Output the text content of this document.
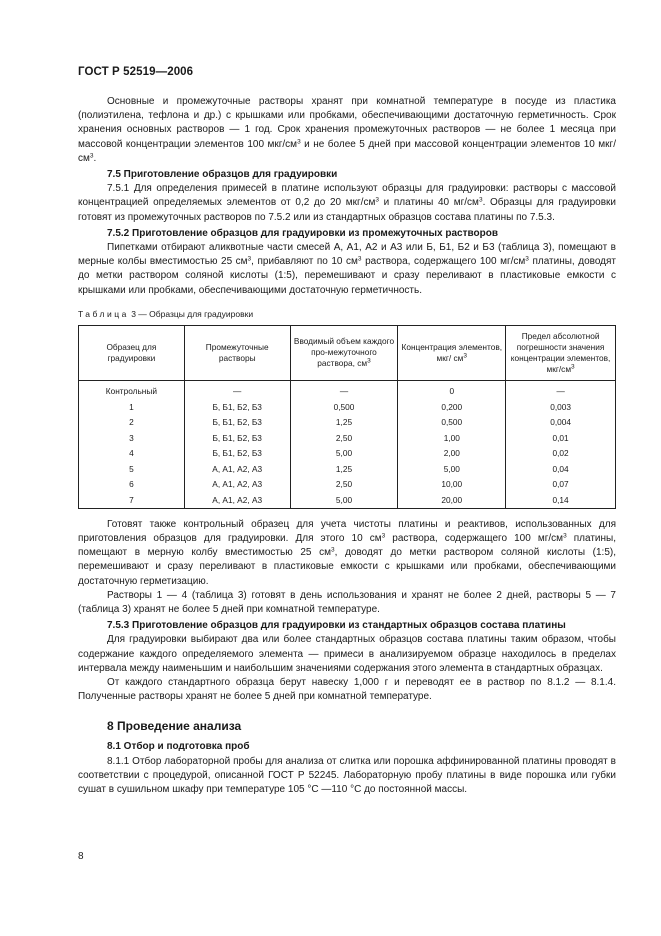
ГОСТ Р 52519—2006

Основные и промежуточные растворы хранят при комнатной температуре в посуде из пластика (полиэтилена, тефлона и др.) с крышками или пробками, обеспечивающими достаточную герметичность. Срок хранения основных растворов — 1 год. Срок хранения промежуточных растворов — не более 1 месяца при массовой концентрации элементов 100 мкг/$см^3$ и не более 5 дней при массовой концентрации элементов 10 мкг/$см^3$.

7.5 Приготовление образцов для градуировки

7.5.1 Для определения примесей в платине используют образцы для градуировки: растворы с массовой концентрацией определяемых элементов от 0,2 до 20 мкг/$см^3$ и платины 40 $мг/см^3$. Образцы для градуировки готовят из промежуточных растворов по 7.5.2 или из стандартных образцов состава платины по 7.5.3.

7.5.2 Приготовление образцов для градуировки из промежуточных растворов

Пипетками отбирают аликвотные части смесей А, А1, А2 и А3 или Б, Б1, Б2 и Б3 (таблица 3), помещают в мерные колбы вместимостью 25 $см^3$, прибавляют по 10 $см^3$ раствора, содержащего 100 $мг/см^3$ платины, доводят до метки раствором соляной кислоты (1:5), перемешивают и сразу переливают в пластиковые емкости с крышками или пробками, обеспечивающими достаточную герметичность.

Таблица 3 — Образцы для градуировки
Образец для градуировки	Промежуточные растворы	Вводимый объем каждого про-межуточного раствора, $см^3$	Концентрация элементов, мкг/ $см^3$	Предел абсолютной погрешности значения концентрации элементов, мкг/$см^3$
Контрольный	—	—	0	—
1	Б, Б1, Б2, Б3	0,500	0,200	0,003
2	Б, Б1, Б2, Б3	1,25	0,500	0,004
3	Б, Б1, Б2, Б3	2,50	1,00	0,01
4	Б, Б1, Б2, Б3	5,00	2,00	0,02
5	А, А1, А2, А3	1,25	5,00	0,04
6	А, А1, А2, А3	2,50	10,00	0,07
7	А, А1, А2, А3	5,00	20,00	0,14

Готовят также контрольный образец для учета чистоты платины и реактивов, использованных для приготовления образцов для градуировки. Для этого 10 $см^3$ раствора, содержащего 100 $мг/см^3$ платины, помещают в мерную колбу вместимостью 25 $см^3$, доводят до метки раствором соляной кислоты (1:5), перемешивают и сразу переливают в пластиковые емкости с крышками или пробками, обеспечивающими достаточную герметизацию.

Растворы 1 — 4 (таблица 3) готовят в день использования и хранят не более 2 дней, растворы 5 — 7 (таблица 3) хранят не более 5 дней при комнатной температуре.

7.5.3 Приготовление образцов для градуировки из стандартных образцов состава платины

Для градуировки выбирают два или более стандартных образцов состава платины таким образом, чтобы содержание каждого определяемого элемента — примеси в анализируемом образце находилось в пределах интервала между наименьшим и наибольшим значениями содержания этого элемента в стандартных образцах.

От каждого стандартного образца берут навеску 1,000 г и переводят ее в раствор по 8.1.2 — 8.1.4. Полученные растворы хранят не более 5 дней при комнатной температуре.

8 Проведение анализа
8.1 Отбор и подготовка проб

8.1.1 Отбор лабораторной пробы для анализа от слитка или порошка аффинированной платины проводят в соответствии с процедурой, описанной ГОСТ Р 52245. Лабораторную пробу платины в виде порошка или губки сушат в сушильном шкафу при температуре 105 °С —110 °С до постоянной массы.

8
